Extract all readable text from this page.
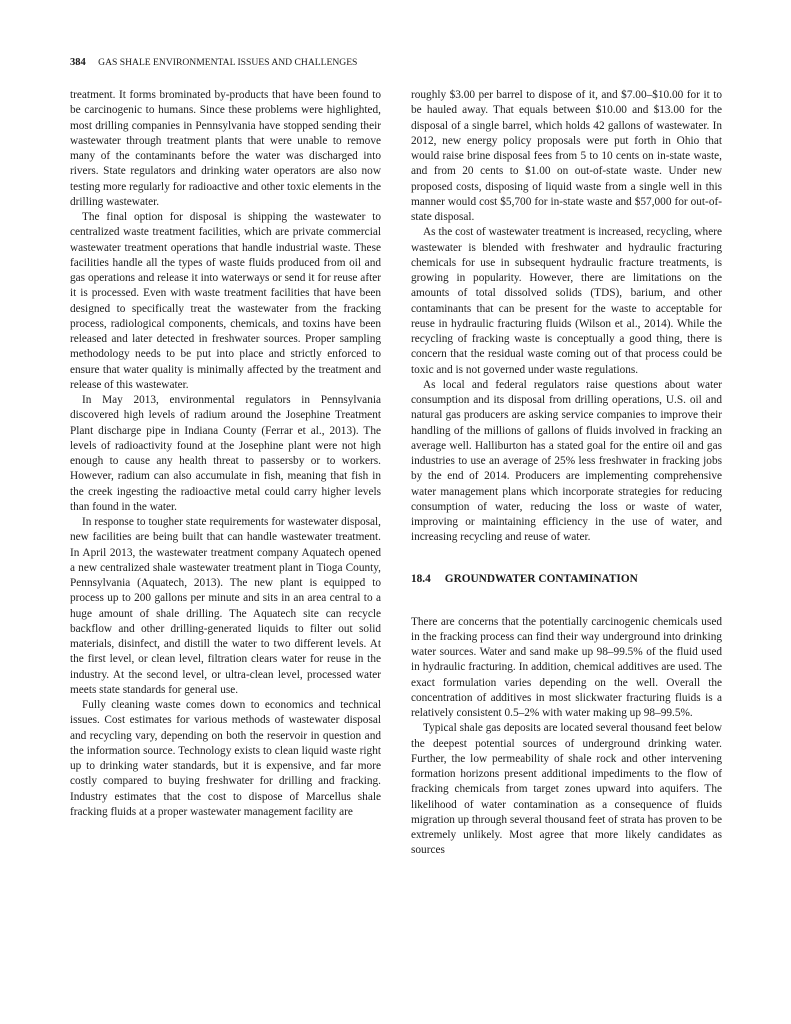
384 GAS SHALE ENVIRONMENTAL ISSUES AND CHALLENGES

treatment. It forms brominated by-products that have been found to be carcinogenic to humans. Since these problems were highlighted, most drilling companies in Pennsylvania have stopped sending their wastewater through treatment plants that were unable to remove many of the contaminants before the water was discharged into rivers. State regulators and drinking water operators are also now testing more regularly for radioactive and other toxic elements in the drilling wastewater.

The final option for disposal is shipping the wastewater to centralized waste treatment facilities, which are private commercial wastewater treatment operations that handle industrial waste. These facilities handle all the types of waste fluids produced from oil and gas operations and release it into waterways or send it for reuse after it is processed. Even with waste treatment facilities that have been designed to specifically treat the wastewater from the fracking process, radiological components, chemicals, and toxins have been released and later detected in freshwater sources. Proper sampling methodology needs to be put into place and strictly enforced to ensure that water quality is minimally affected by the treatment and release of this wastewater.

In May 2013, environmental regulators in Pennsylvania discovered high levels of radium around the Josephine Treatment Plant discharge pipe in Indiana County (Ferrar et al., 2013). The levels of radioactivity found at the Josephine plant were not high enough to cause any health threat to passersby or to workers. However, radium can also accumulate in fish, meaning that fish in the creek ingesting the radioactive metal could carry higher levels than found in the water.

In response to tougher state requirements for wastewater disposal, new facilities are being built that can handle wastewater treatment. In April 2013, the wastewater treatment company Aquatech opened a new centralized shale wastewater treatment plant in Tioga County, Pennsylvania (Aquatech, 2013). The new plant is equipped to process up to 200 gallons per minute and sits in an area central to a huge amount of shale drilling. The Aquatech site can recycle backflow and other drilling-generated liquids to filter out solid materials, disinfect, and distill the water to two different levels. At the first level, or clean level, filtration clears water for reuse in the industry. At the second level, or ultra-clean level, processed water meets state standards for general use.

Fully cleaning waste comes down to economics and technical issues. Cost estimates for various methods of wastewater disposal and recycling vary, depending on both the reservoir in question and the information source. Technology exists to clean liquid waste right up to drinking water standards, but it is expensive, and far more costly compared to buying freshwater for drilling and fracking. Industry estimates that the cost to dispose of Marcellus shale fracking fluids at a proper wastewater management facility are

roughly $3.00 per barrel to dispose of it, and $7.00–$10.00 for it to be hauled away. That equals between $10.00 and $13.00 for the disposal of a single barrel, which holds 42 gallons of wastewater. In 2012, new energy policy proposals were put forth in Ohio that would raise brine disposal fees from 5 to 10 cents on in-state waste, and from 20 cents to $1.00 on out-of-state waste. Under new proposed costs, disposing of liquid waste from a single well in this manner would cost $5,700 for in-state waste and $57,000 for out-of-state disposal.

As the cost of wastewater treatment is increased, recycling, where wastewater is blended with freshwater and hydraulic fracturing chemicals for use in subsequent hydraulic fracture treatments, is growing in popularity. However, there are limitations on the amounts of total dissolved solids (TDS), barium, and other contaminants that can be present for the waste to acceptable for reuse in hydraulic fracturing fluids (Wilson et al., 2014). While the recycling of fracking waste is conceptually a good thing, there is concern that the residual waste coming out of that process could be toxic and is not governed under waste regulations.

As local and federal regulators raise questions about water consumption and its disposal from drilling operations, U.S. oil and natural gas producers are asking service companies to improve their handling of the millions of gallons of fluids involved in fracking an average well. Halliburton has a stated goal for the entire oil and gas industries to use an average of 25% less freshwater in fracking jobs by the end of 2014. Producers are implementing comprehensive water management plans which incorporate strategies for reducing consumption of water, reducing the loss or waste of water, improving or maintaining efficiency in the use of water, and increasing recycling and reuse of water.

18.4 GROUNDWATER CONTAMINATION

There are concerns that the potentially carcinogenic chemicals used in the fracking process can find their way underground into drinking water sources. Water and sand make up 98–99.5% of the fluid used in hydraulic fracturing. In addition, chemical additives are used. The exact formulation varies depending on the well. Overall the concentration of additives in most slickwater fracturing fluids is a relatively consistent 0.5–2% with water making up 98–99.5%.

Typical shale gas deposits are located several thousand feet below the deepest potential sources of underground drinking water. Further, the low permeability of shale rock and other intervening formation horizons present additional impediments to the flow of fracking chemicals from target zones upward into aquifers. The likelihood of water contamination as a consequence of fluids migration up through several thousand feet of strata has proven to be extremely unlikely. Most agree that more likely candidates as sources
